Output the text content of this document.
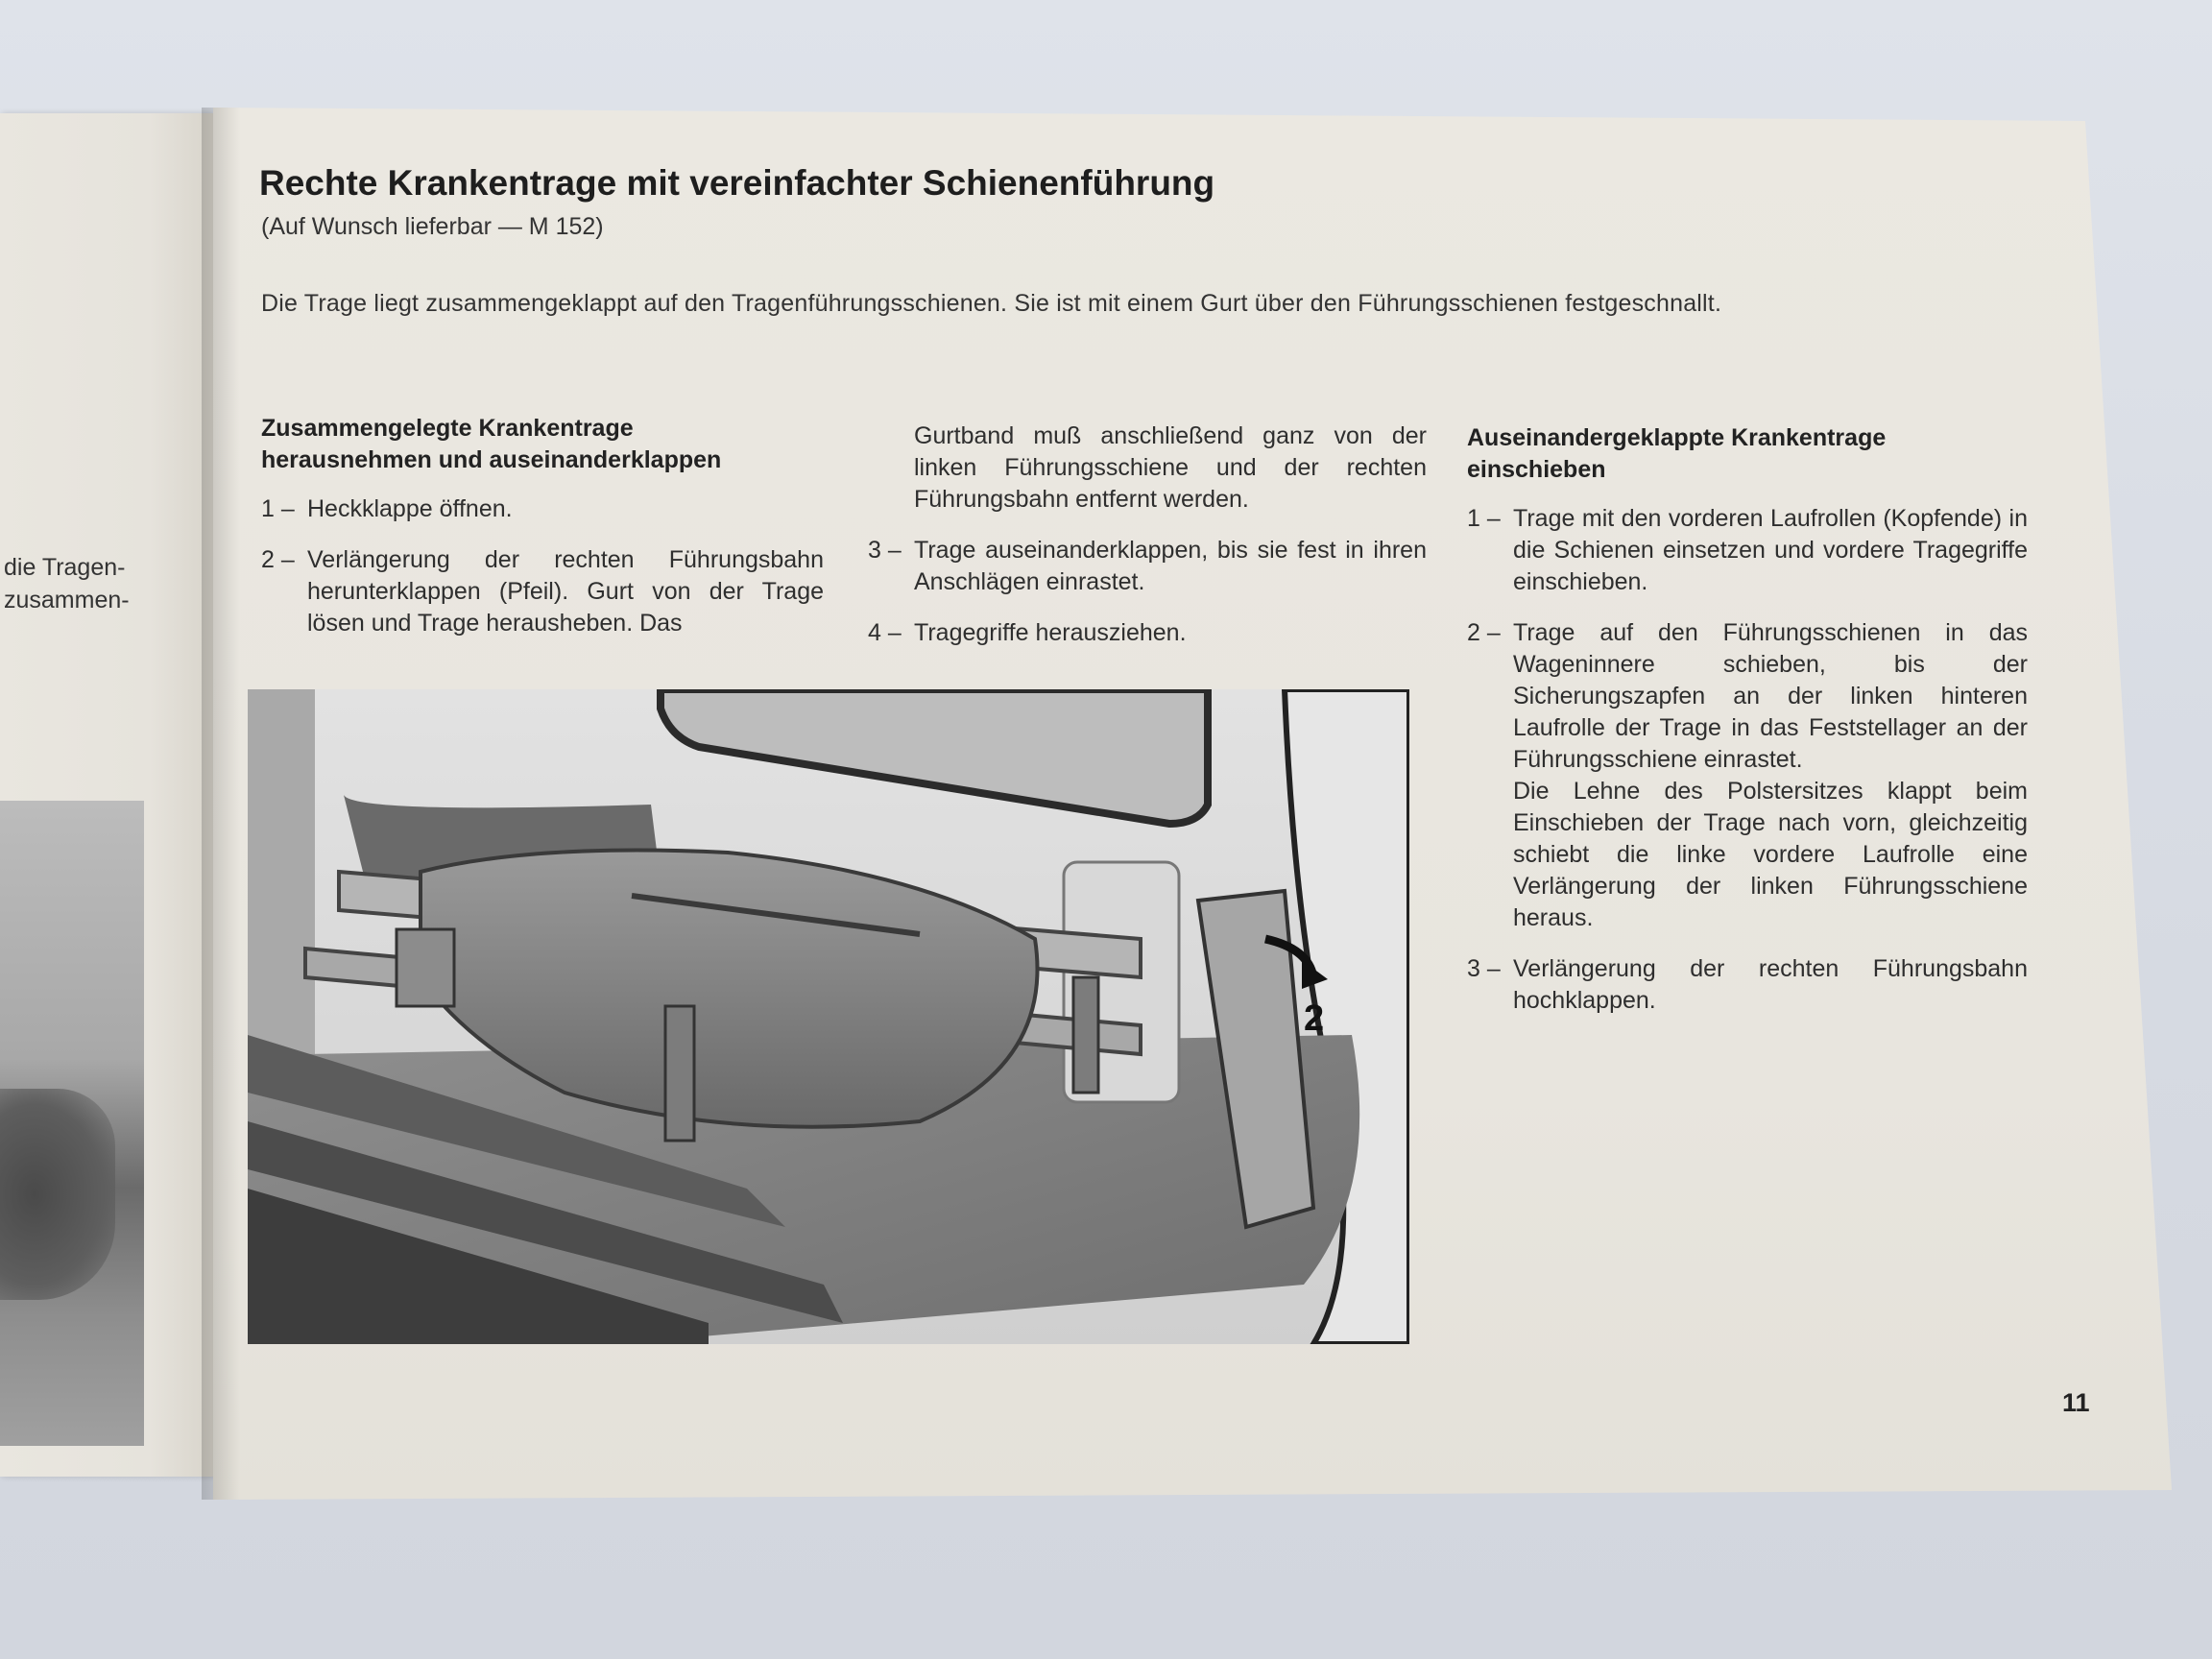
die Tragen-
zusammen-
Rechte Krankentrage mit vereinfachter Schienenführung
(Auf Wunsch lieferbar — M 152)
Die Trage liegt zusammengeklappt auf den Tragenführungsschienen. Sie ist mit einem Gurt über den Führungsschienen festgeschnallt.
Zusammengelegte Krankentrage
herausnehmen und auseinanderklappen
1 – Heckklappe öffnen.
2 – Verlängerung der rechten Führungsbahn herunterklappen (Pfeil). Gurt von der Trage lösen und Trage herausheben. Das
Gurtband muß anschließend ganz von der linken Führungsschiene und der rechten Führungsbahn entfernt werden.
3 – Trage auseinanderklappen, bis sie fest in ihren Anschlägen einrastet.
4 – Tragegriffe herausziehen.
Auseinandergeklappte Krankentrage
einschieben
1 – Trage mit den vorderen Laufrollen (Kopfende) in die Schienen einsetzen und vordere Tragegriffe einschieben.
2 – Trage auf den Führungsschienen in das Wageninnere schieben, bis der Sicherungszapfen an der linken hinteren Laufrolle der Trage in das Feststellager an der Führungsschiene einrastet.
Die Lehne des Polstersitzes klappt beim Einschieben der Trage nach vorn, gleichzeitig schiebt die linke vordere Laufrolle eine Verlängerung der linken Führungsschiene heraus.
3 – Verlängerung der rechten Führungsbahn hochklappen.
2
11
